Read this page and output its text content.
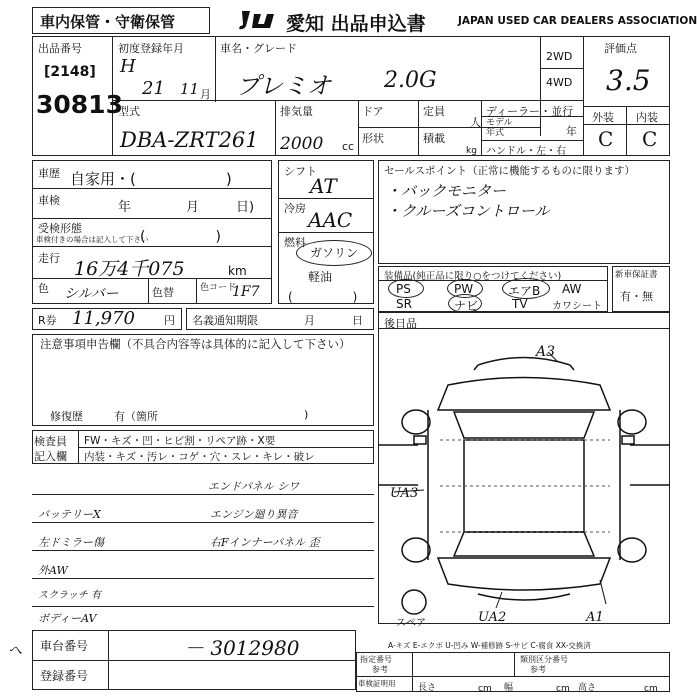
車内保管・守衛保管	愛知 出品申込書	JAPAN USED CAR DEALERS ASSOCIATION
出品番号
[2148]
30813
初度登録年月
H
21 11 月
車名・グレード
プレミオ 2.0G
2WD
4WD
評価点
3.5
型式
DBA-ZRT261
排気量
2000 cc
ドア	定員
人
形状	積載
kg
ディーラー・並行
モデル
年式	年
ハンドル・左・右
外装 内装
C C
車歴 自家用・(　　　　　　)
車検	年	月	日)
受検形態
車検付きの場合は記入して下さい
(　　　　　)
走行 16万4千075	km
色 シルバー	色替	色コード
1F7
シフト
AT
冷房 AAC
燃料
ガソリン
軽油
(　　　　　)
セールスポイント（正常に機能するものに限ります）
・バックモニター
・クルーズコントロール
装備品(純正品に限り○をつけてください)
PS	PW	エアB AW
SR	ナビ	TV カワシート
新車保証書
有・無
R券 11,970	円 名義通知期限	月	日 後日品
A3
UA3
UA2	A1
スペア
A-キズ E-エクボ U-凹み W-補修跡 S-サビ C-腐食 XX-交換済
注意事項申告欄（不具合内容等は具体的に記入して下さい）
修復歴	有（箇所	)
検査員
記入欄
FW・キズ・凹・ヒビ割・リペア跡・X要
内装・キズ・汚レ・コゲ・穴・スレ・キレ・破レ
エンドパネル シワ
バッテリーX	エンジン廻り異音
左ドミラー傷	右Fインナーパネル 歪
外AW
スクラッチ 有
ボディーAV
へ 車台番号	－ 3012980
登録番号
指定番号
参考
類別区分番号
参考
車検証明用	長さ	cm 幅	cm 高さ	cm
